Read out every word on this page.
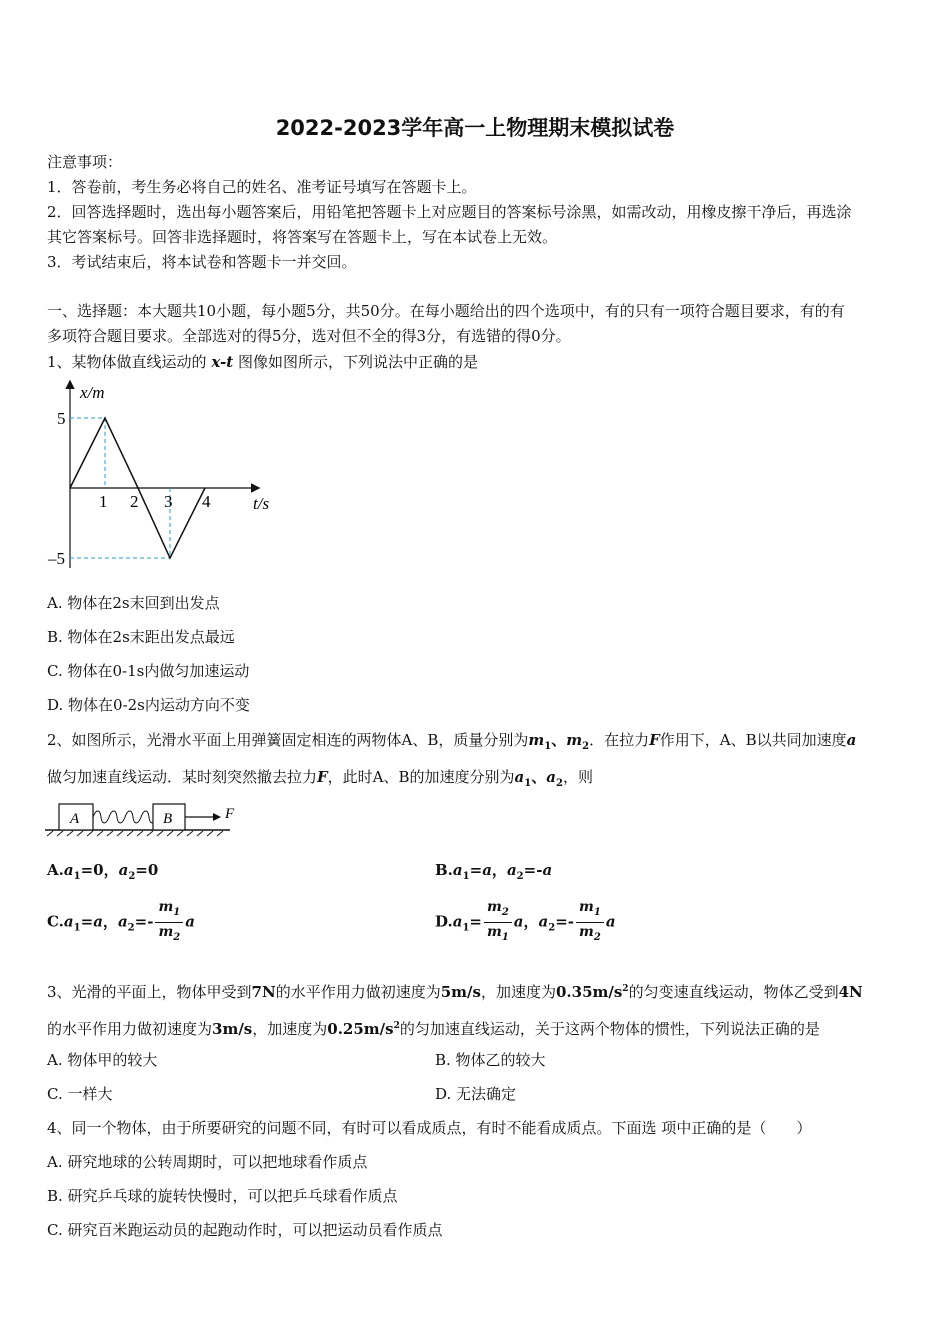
2022-2023学年高一上物理期末模拟试卷
注意事项：
1．答卷前，考生务必将自己的姓名、准考证号填写在答题卡上。
2．回答选择题时，选出每小题答案后，用铅笔把答题卡上对应题目的答案标号涂黑，如需改动，用橡皮擦干净后，再选涂
其它答案标号。回答非选择题时，将答案写在答题卡上，写在本试卷上无效。
3．考试结束后，将本试卷和答题卡一并交回。
一、选择题：本大题共10小题，每小题5分，共50分。在每小题给出的四个选项中，有的只有一项符合题目要求，有的有
多项符合题目要求。全部选对的得5分，选对但不全的得3分，有选错的得0分。
1、某物体做直线运动的 x-t 图像如图所示，下列说法中正确的是
x/m
t/s
5
–5
1 2 3 4
A. 物体在2s末回到出发点
B. 物体在2s末距出发点最远
C. 物体在0-1s内做匀加速运动
D. 物体在0-2s内运动方向不变
2、如图所示，光滑水平面上用弹簧固定相连的两物体A、B，质量分别为$m_1$、$m_2$．在拉力F作用下，A、B以共同加速度a
做匀加速直线运动．某时刻突然撤去拉力F，此时A、B的加速度分别为$a_1$、$a_2$，则
A	B	F
$A.a_1=0$，$a_2=0$	$B.a_1=a$，$a_2=-a$
$C.a_1=a$，$a_2=- \frac{m_1}{m_2}$ a	$D.a_1= \frac{m_2}{m_1}$ a，$a_2=- \frac{m_1}{m_2}$ a
3、光滑的平面上，物体甲受到7N的水平作用力做初速度为5m/s，加速度为$0.35m/s^2$的匀变速直线运动，物体乙受到4N
的水平作用力做初速度为3m/s，加速度为$0.25m/s^2$的匀加速直线运动，关于这两个物体的惯性，下列说法正确的是
A. 物体甲的较大	B. 物体乙的较大
C. 一样大	D. 无法确定
4、同一个物体，由于所要研究的问题不同，有时可以看成质点，有时不能看成质点。下面选 项中正确的是（　　）
A. 研究地球的公转周期时，可以把地球看作质点
B. 研究乒乓球的旋转快慢时，可以把乒乓球看作质点
C. 研究百米跑运动员的起跑动作时，可以把运动员看作质点
